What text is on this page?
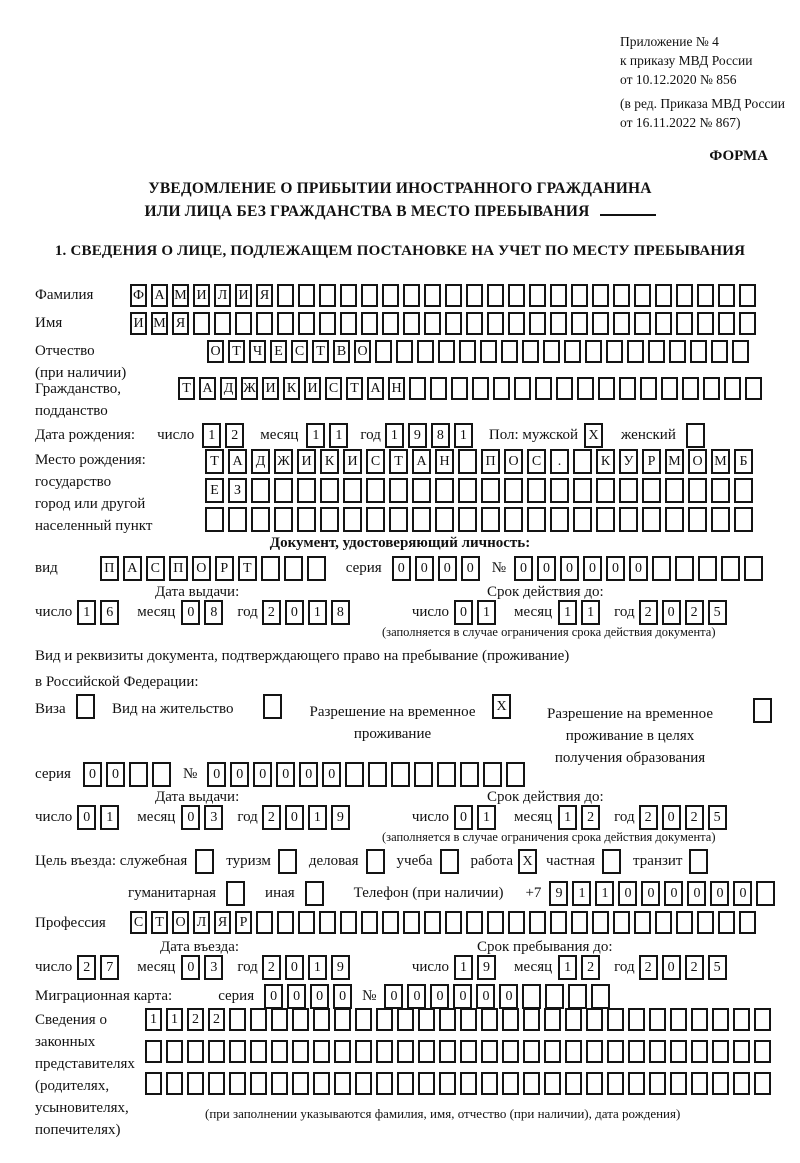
Приложение № 4
к приказу МВД России
от 10.12.2020 № 856
(в ред. Приказа МВД России
от 16.11.2022 № 867)
ФОРМА
УВЕДОМЛЕНИЕ О ПРИБЫТИИ ИНОСТРАННОГО ГРАЖДАНИНА
ИЛИ ЛИЦА БЕЗ ГРАЖДАНСТВА В МЕСТО ПРЕБЫВАНИЯ
1. СВЕДЕНИЯ О ЛИЦЕ, ПОДЛЕЖАЩЕМ ПОСТАНОВКЕ НА УЧЕТ ПО МЕСТУ ПРЕБЫВАНИЯ
Фамилия	Ф А М И Л И Я
Имя	И М Я
Отчество
(при наличии)
О Т Ч Е С Т В О
Гражданство,
подданство
Т А Д Ж И К И С Т А Н
Дата рождения: число	1	2	месяц	1	1	год 1	9	8	1	Пол: мужской X женский
Место рождения:
государство
город или другой
населенный пункт
Т А Д Ж И К И С	Т А Н	П О С	.	К У	Р М О М Б
Е	З
Документ, удостоверяющий личность:
вид	П А С П О	Р	Т	серия	0	0	0	0	№	0	0	0	0	0	0
Дата выдачи:	Срок действия до:
число 1	6	месяц 0	8	год 2	0	1	8	число 0	1	месяц 1	1	год 2	0	2	5
(заполняется в случае ограничения срока действия документа)
Вид и реквизиты документа, подтверждающего право на пребывание (проживание)
в Российской Федерации:
Виза	Вид на жительство	Разрешение на временное
проживание
X	Разрешение на временное
проживание в целях
получения образования
серия	0	0	№	0	0	0	0	0	0
Дата выдачи:	Срок действия до:
число 0	1	месяц 0	3	год 2	0	1	9	число 0	1	месяц 1	2	год 2	0	2	5
(заполняется в случае ограничения срока действия документа)
Цель въезда: служебная	туризм	деловая	учеба	работа X частная	транзит
гуманитарная	иная	Телефон (при наличии) +7	9	1	1	0	0	0	0	0	0
Профессия С Т О Л Я Р
Дата въезда:	Срок пребывания до:
число 2	7	месяц 0	3	год 2	0	1	9	число 1	9	месяц 1	2	год 2	0	2	5
Миграционная карта:	серия	0	0	0	0	№	0	0	0	0	0	0
Сведения о
законных
представителях
(родителях,
усыновителях,
попечителях)
1	1	2	2
(при заполнении указываются фамилия, имя, отчество (при наличии), дата рождения)
